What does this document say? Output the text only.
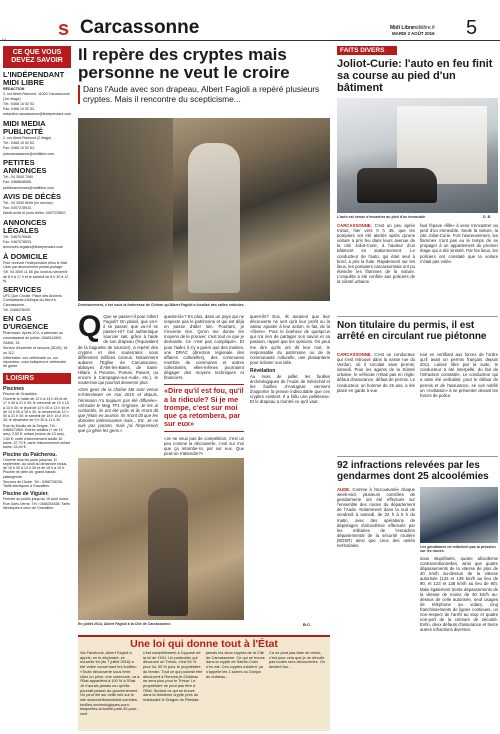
s Carcassonne	Midi Libre
midilibre.fr
MARDI 2 AOÛT 2016 5
CE QUE VOUS DEVEZ SAVOIR
L'INDÉPENDANT MIDI LIBRE
RÉDACTION
2, rue Aimé-Ramond, 11000 Carcassonne (1er étage).
Tél.: 0468 10 52 52.
Fax: 0468 10 52 53.
redaction.carcassonne@lindependant.com
MIDI MEDIA PUBLICITÉ
2, rue Aimé-Ramond (2 étage).
Tél.: 0468 10 52 62.
Fax: 0468 10 52 63.
pubcarcassonne@midilibre.com
PETITES ANNONCES
Tél.: 04 3000 7080.
Fax: 0468848085.
petitesannonces@midilibre.com
AVIS DE DÉCÈS
Tél.: 04 3000 8008 (en service).
Fax: 0497378933.
Week-ends et jours fériés: 0497378807.
ANNONCES LÉGALES
Tél.: 0467076546.
Fax: 0467078933.
annonces-legales@lindependant.com
À DOMICILE
Pour recevoir l'Indépendant et/ou le Midi Libre par abonnement postal-portage.
Tél. 04 3000 11 66 (du lundi au vendredi de 8 h à 17 h et le samedi de 8 h 30 à 12 h).
SERVICES
UFC Que Choisir: Place des Anciens Combattants d'Afrique-du-Nord à Carcassonne.
Tél. 0468478430.
EN CAS D'URGENCE
Pharmacie: Après 20 h, s'adresser au commissariat de police, 0468112800.
SAMU: 15.
Service d'incendie et secours (SDIS): 18 ou 112.
Vétérinaire: voir vétérinaire ou, sur répondeur, vous indiquera le vétérinaire de garde.
LOISIRS
Piscines
Piscine de Grazailles.
Ouverte le matin de 12 h à 13 h 45 et de 17 h 45 à 21 h 30; le mercredi de 10 h 15 à 13 h 30; le jeudi de 12 h 00 à 13 h 45 et de 14 h 00 à 18 h 30; le vendredi de 12 h 00 à 21 h 30; le samedi de 18 h 15 à 19 h 30; le dimanche de 9 h 30 à 11 h 30.
Rue du Moulin-de-la-Seigne. Tél.: 0468471860. Entrée adultes (+ de 13 ans), 2,50 €; enfant (moins de 13 ans), 1,60 €; carte d'abonnement adulte 30 bains, 47,70 €; carte d'abonnement enfant bains: 24,40 €.
Piscine du Païcherou.
Ouverte tous les jours jusqu'au 11 septembre, du lundi au dimanche inclus, de 10 h 30 à 13 h 30 et de 15 h à 19 h. Piscine de plein air, grand bassin, pataugeoire.
Secours de l'Aube. Tél.: 0468728236. Tarifs identiques à Grazailles.
Piscine de Viguier.
Fermée au public jusqu'au 15 août inclus.
Rue Jules-Verne. Tél.: 0468251638. Tarifs identiques à ceux de Grazailles.
Il repère des cryptes mais personne ne veut le croire
Dans l'Aude avec son drapeau, Albert Fagioli a repéré plusieurs cryptes. Mais il rencontre du scepticisme...
Dorénavement, c'est sous la forteresse de Chinon qu'Albert Fagioli a localisé des salles enfouies.
Q Que se passe-t-il pour Albert Fagioli? On plaisir, que va-t-il se passer, que va-t-il se passer-t-il? Cet authentique sourcier sait, grâce à l'aide de son drapeau (l'équivalent de la baguette de sourcier), a repéré des cryptes et des souterrains sous différentes édifices connus. Notamment aubans: l'Eglise de Carcassonne, abbayes d'Alet-les-Bains, de Saint-Hilaire, à Pieusse, Pomas, Puivert, ou encore à Campagne-sur-Aude, etc.), le souterrain qui pourrait desservir plus.

«Des gens de la chaîne M6 sont venus m'interviewer en mai 2015 et depuis, l'émission n'a toujours pas été diffusée». «Ensuite le Mag TF1 m'ignore. Je les ai contactés, ils ont été polis et ils m'ont dit que j'étais en avance. Ils m'ont dit que les données intéressantes mais... Etc. Je ne suis pas parano, mais j'ai l'impression que ça gêne les gens.»

queste-là»? En plus, dans un pays qui ne respecte pas le patrimoine et qui est déjà en passe d'aller loin. Pourtant, je n'invente rien. Qu'on me donne les moyens de le prouver, c'est tout ce que je demande. Ce n'est pas compliqué». Et pour l'aider, il s'y a guère que des mairies, une DRAC (direction régionale des affaires culturelles), des communes membre de communes et autres collectivités, elles-mêmes pourraient dégager des moyens techniques et financiers.

«Dire qu'il est fou, qu'il a la ridicule? Si je me trompe, c'est sur moi que ça retombera, par sur eux»

«Je ne veux pas de compétition, c'est un peu comme la découverte, c'est sur moi que ça retombe-ra, par sur eux. Que peut-on s'attendre?»

quent-ils? Eux, ils auraient que leur découverte ne sert qu'à leur profit ou la valeur ajoutée à leur action, le fait, de la «fièvre». Pour le bonheur de quelqu'un qui n'a rien de partager son savoir et sa passion, rappel que les opinions. On peut me dire qu'ils ont dit leur mot, le responsable du patrimoine ou de la communauté culturelle, une plaisanterie pour éclairer son idée.

Révélation

Au mois de juillet, les fouilles archéologiques de l'Aude de Sénéchal et les fouilles d'Antugnac viennent d'apporter la preuve indiscutable que ces cryptes existent. Il a fallu une pelleteuse. Et le drapeau a montré ce qu'il vaut.

En juillet 2014, Albert Fagioli à la Cité de Carcassonne.	B.C.
Une loi qui donne tout à l'État
Via Facebook, Albert Fagioli a appris, en le déplorant, ce nouvelle loi (du 7 juillet 2016) a été votée concernant les fouilles: «Toute découverte sous terre, chez un privé, une commune, va à l'Etat appartient à 100 % à l'Etat. Je n'aurais jamais cru qu'elle pourrait passer au gouvernement. On peut lire sur cette info sur le site www.latribunedelart.com/des-fouilles-archeologiques-pour-lesquelles-la-fouille-paie-30-pour-cent
c'est complètement à l'opposé de la loi de 1941. Un particulier qui découvre un Trésor, c'est 50 % pour lui, 50 % pour le propriétaire du terrain. Tout ce qui pourrait être découvert à Rennes-le-Château ne sera plus pour le Trésor. Le propriétaire ne peut pas être à l'Etat. Surtout ce qui se trouve dans la troisième crypte près du restaurant le Dragon de Rhedae.
jamais les deux cryptes de la Cité de Carcassonne. Ce qui se trouve dans la crypte de Sainte-Croix n'en est. Ces cryptes existent: ça s'appelle les 2 autres du Donjon au château...
Ca ne peut pas faire de trésor, c'est pour cela que je ne dévoile pas toutes mes découvertes. On devient fou...
FAITS DIVERS
Joliot-Curie: l'auto en feu finit sa course au pied d'un bâtiment
L'auto est venue s'encastrer au pied d'un immeuble.	D. B.

CARCASSONNE. C'est un peu après minuit, hier vers 0 h 45, que les pompiers ont été alertés après qu'une voiture a pris feu dans leurs avenue de la cité Joliot-Curie, à hauteur d'un bâtiment en stationnement. Le conducteur de l'auto, qui était seul à bord, a pris la fuite. Rapidement sur les lieux, les pompiers carcassonnais ont pu éteindre les flammes de la voiture. L'enquête a été confiée aux policiers de la sûreté urbaine.

faut l'épave «fille» à venir s'encastrer au pied d'un immeuble. Seule la voiture, la cité Joliot-Curie. Fort heureusement, les flammes n'ont pas eu le temps de se propager à un appartement du premier étage qui a été sinistré. Par les lieux, les policiers ont constaté que la voiture n'était pas volée.

Non titulaire du permis, il est arrêté en circulant rue piétonne

CARCASSONNE. C'est un conducteur qui s'est retrouvé dans la nasse rue du Verdun, où il circulait sans permis, samedi. Pour les agents de la Sûreté urbaine, le véhicule n'était pas en règle: défaut d'assurance, défaut de permis. Le conducteur, un homme de 26 ans, a été placé en garde à vue.

tout en certifiant aux forces de l'ordre qu'il avait un permis français depuis 2011. Laissé libre par la suite, le conducteur a été interpellé, du fait de l'infraction constatée. Le conducteur qui a ainsi été verbalisé, pour le défaut de permis et de l'assurance, se voit notifié un «invitation» à se présenter devant les forces de police.

92 infractions relevées par les gendarmes dont 25 alcoolémies

AUDE. Comme à l'accoutumée chaque week-end, plusieurs contrôles de gendarmerie ont été effectués sur l'ensemble des routes du département de l'Aude. Notamment dans la nuit de vendredi à samedi, de 22 h à 5 h du matin, avec des opérations de dépistages d'alcoolémie effectués par les militaires de l'escadron départemental de la sécurité routière (EDSR) ainsi que ceux des unités territoriales.	Les gendarmes ne relâchent pas la pression sur les routes.

sous stupéfiants, quatre alcoolémie contraventionnelles, ainsi que quatre dépassements de la vitesse de plus de 40 km/h au-dessus de la vitesse autorisée (133 et 139 km/h au lieu de 90, et 123 et 138 km/h au lieu de 90). Mais également trente dépassements de la vitesse de moins de 40 km/h au-dessus de celle autorisée, neuf usages de téléphone au volant, cinq franchissements de lignes continues, un non-respect de l'arrêt au stop et quatre non-port de la ceinture de sécurité. Enfin, deux défauts d'assurance et treize autres infractions diverses.
